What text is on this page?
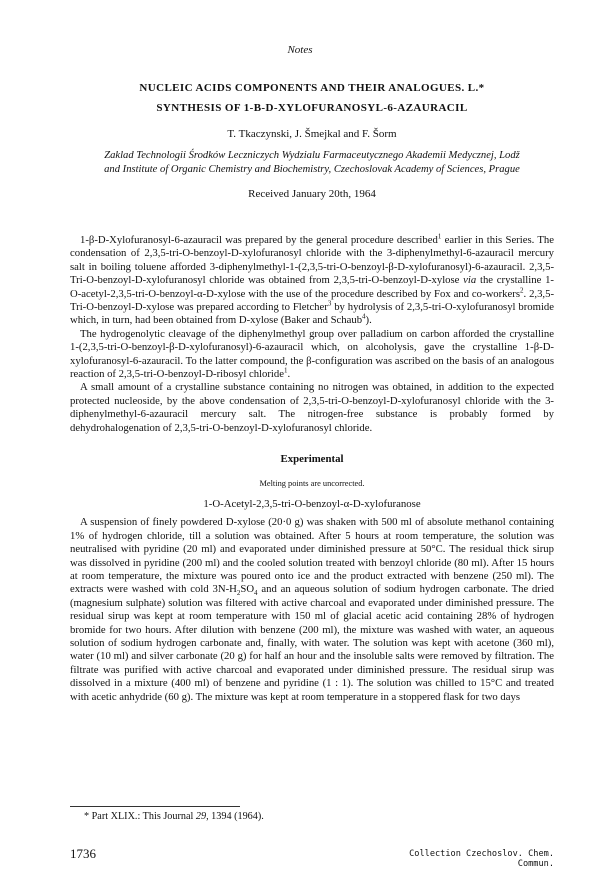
Notes
NUCLEIC ACIDS COMPONENTS AND THEIR ANALOGUES. L.*
SYNTHESIS OF 1-Β-D-XYLOFURANOSYL-6-AZAURACIL
T. Tkaczynski, J. Šmejkal and F. Šorm
Zaklad Technologii Środków Leczniczych Wydzialu Farmaceutycznego Akademii Medycznej, Lodž
and Institute of Organic Chemistry and Biochemistry, Czechoslovak Academy of Sciences, Prague
Received January 20th, 1964

1-β-D-Xylofuranosyl-6-azauracil was prepared by the general procedure described$^1$ earlier in this Series. The condensation of 2,3,5-tri-O-benzoyl-D-xylofuranosyl chloride with the 3-diphenylmethyl-6-azauracil mercury salt in boiling toluene afforded 3-diphenylmethyl-1-(2,3,5-tri-O-benzoyl-β-D-xylofuranosyl)-6-azauracil. 2,3,5-Tri-O-benzoyl-D-xylofuranosyl chloride was obtained from 2,3,5-tri-O-benzoyl-D-xylose via the crystalline 1-O-acetyl-2,3,5-tri-O-benzoyl-α-D-xylose with the use of the procedure described by Fox and co-workers$^2$. 2,3,5-Tri-O-benzoyl-D-xylose was prepared according to Fletcher$^3$ by hydrolysis of 2,3,5-tri-O-xylofuranosyl bromide which, in turn, had been obtained from D-xylose (Baker and Schaub$^4$).

The hydrogenolytic cleavage of the diphenylmethyl group over palladium on carbon afforded the crystalline 1-(2,3,5-tri-O-benzoyl-β-D-xylofuranosyl)-6-azauracil which, on alcoholysis, gave the crystalline 1-β-D-xylofuranosyl-6-azauracil. To the latter compound, the β-configuration was ascribed on the basis of an analogous reaction of 2,3,5-tri-O-benzoyl-D-ribosyl chloride$^1$.

A small amount of a crystalline substance containing no nitrogen was obtained, in addition to the expected protected nucleoside, by the above condensation of 2,3,5-tri-O-benzoyl-D-xylofuranosyl chloride with the 3-diphenylmethyl-6-azauracil mercury salt. The nitrogen-free substance is probably formed by dehydrohalogenation of 2,3,5-tri-O-benzoyl-D-xylofuranosyl chloride.

Experimental
Melting points are uncorrected.
1-O-Acetyl-2,3,5-tri-O-benzoyl-α-D-xylofuranose

A suspension of finely powdered D-xylose (20·0 g) was shaken with 500 ml of absolute methanol containing 1% of hydrogen chloride, till a solution was obtained. After 5 hours at room temperature, the solution was neutralised with pyridine (20 ml) and evaporated under diminished pressure at 50°C. The residual thick sirup was dissolved in pyridine (200 ml) and the cooled solution treated with benzoyl chloride (80 ml). After 15 hours at room temperature, the mixture was poured onto ice and the product extracted with benzene (250 ml). The extracts were washed with cold $3N-H_2SO_4$ and an aqueous solution of sodium hydrogen carbonate. The dried (magnesium sulphate) solution was filtered with active charcoal and evaporated under diminished pressure. The residual sirup was kept at room temperature with 150 ml of glacial acetic acid containing 28% of hydrogen bromide for two hours. After dilution with benzene (200 ml), the mixture was washed with water, an aqueous solution of sodium hydrogen carbonate and, finally, with water. The solution was kept with acetone (360 ml), water (10 ml) and silver carbonate (20 g) for half an hour and the insoluble salts were removed by filtration. The filtrate was purified with active charcoal and evaporated under diminished pressure. The residual sirup was dissolved in a mixture (400 ml) of benzene and pyridine (1 : 1). The solution was chilled to 15°C and treated with acetic anhydride (60 g). The mixture was kept at room temperature in a stoppered flask for two days

* Part XLIX.: This Journal 29, 1394 (1964).
1736	Collection Czechoslov. Chem. Commun.
